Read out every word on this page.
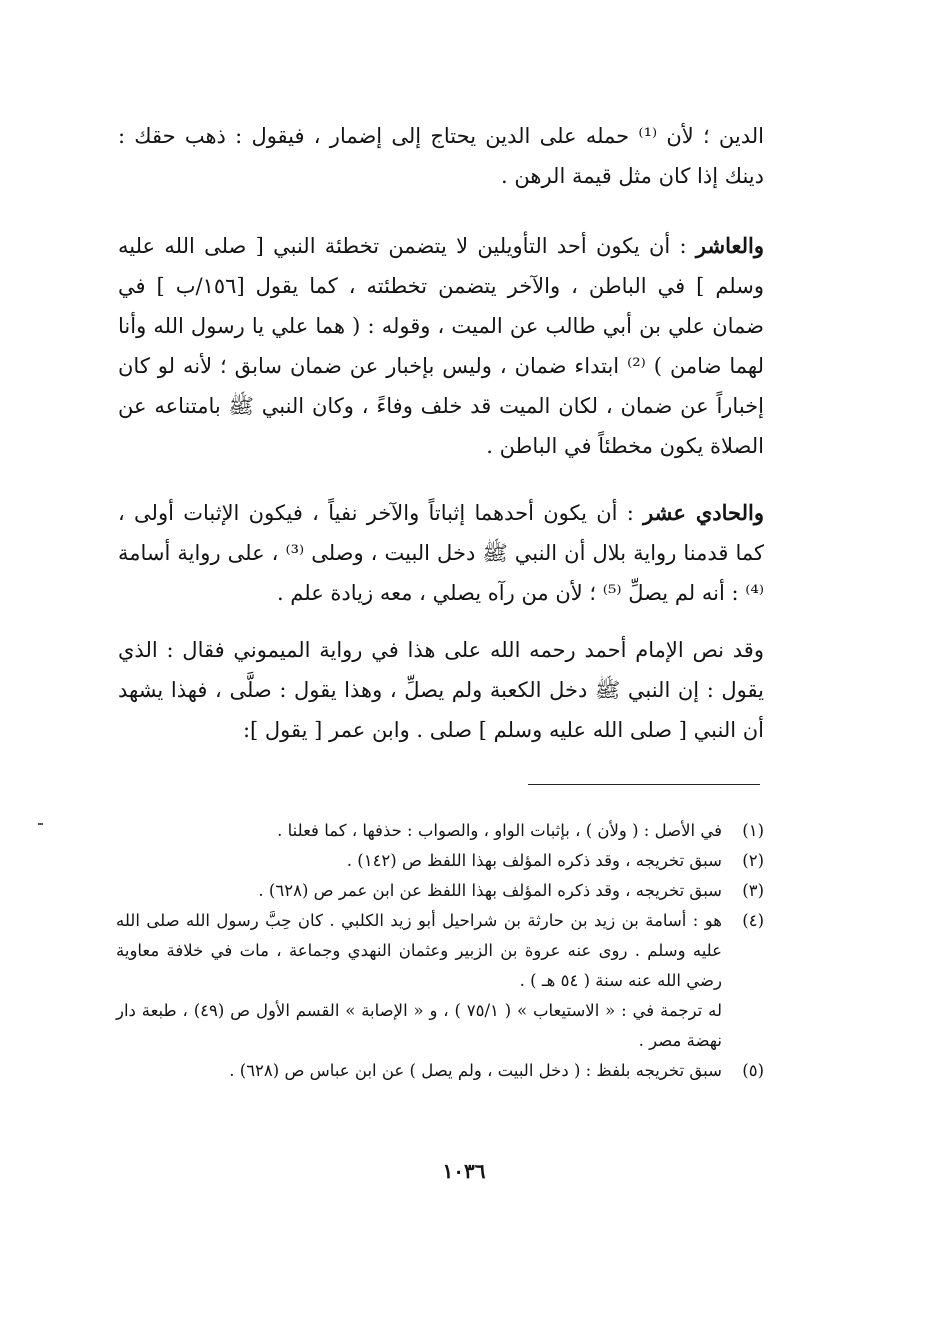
الدين ؛ لأن ⁽¹⁾ حمله على الدين يحتاج إلى إضمار ، فيقول : ذهب حقك : دينك إذا كان مثل قيمة الرهن .

والعاشر : أن يكون أحد التأويلين لا يتضمن تخطئة النبي [ صلى الله عليه وسلم ] في الباطن ، والآخر يتضمن تخطئته ، كما يقول [١٥٦/ب ] في ضمان علي بن أبي طالب عن الميت ، وقوله : ( هما علي يا رسول الله وأنا لهما ضامن ) ⁽²⁾ ابتداء ضمان ، وليس بإخبار عن ضمان سابق ؛ لأنه لو كان إخباراً عن ضمان ، لكان الميت قد خلف وفاءً ، وكان النبي ﷺ بامتناعه عن الصلاة يكون مخطئاً في الباطن .

والحادي عشر : أن يكون أحدهما إثباتاً والآخر نفياً ، فيكون الإثبات أولى ، كما قدمنا رواية بلال أن النبي ﷺ دخل البيت ، وصلى ⁽³⁾ ، على رواية أسامة ⁽⁴⁾ : أنه لم يصلِّ ⁽⁵⁾ ؛ لأن من رآه يصلي ، معه زيادة علم .

وقد نص الإمام أحمد رحمه الله على هذا في رواية الميموني فقال : الذي يقول : إن النبي ﷺ دخل الكعبة ولم يصلِّ ، وهذا يقول : صلَّى ، فهذا يشهد أن النبي [ صلى الله عليه وسلم ] صلى . وابن عمر [ يقول ]:

(١)
في الأصل : ( ولأن ) ، بإثبات الواو ، والصواب : حذفها ، كما فعلنا .
(٢)
سبق تخريجه ، وقد ذكره المؤلف بهذا اللفظ ص (١٤٢) .
(٣)
سبق تخريجه ، وقد ذكره المؤلف بهذا اللفظ عن ابن عمر ص (٦٢٨) .
(٤)
هو : أسامة بن زيد بن حارثة بن شراحيل أبو زيد الكلبي . كان حِبَّ رسول الله صلى الله عليه وسلم . روى عنه عروة بن الزبير وعثمان النهدي وجماعة ، مات في خلافة معاوية رضي الله عنه سنة ( ٥٤ هـ ) .
له ترجمة في : « الاستيعاب » ( ٧٥/١ ) ، و « الإصابة » القسم الأول ص (٤٩) ، طبعة دار نهضة مصر .
(٥)
سبق تخريجه بلفظ : ( دخل البيت ، ولم يصل ) عن ابن عباس ص (٦٢٨) .
١٠٣٦
